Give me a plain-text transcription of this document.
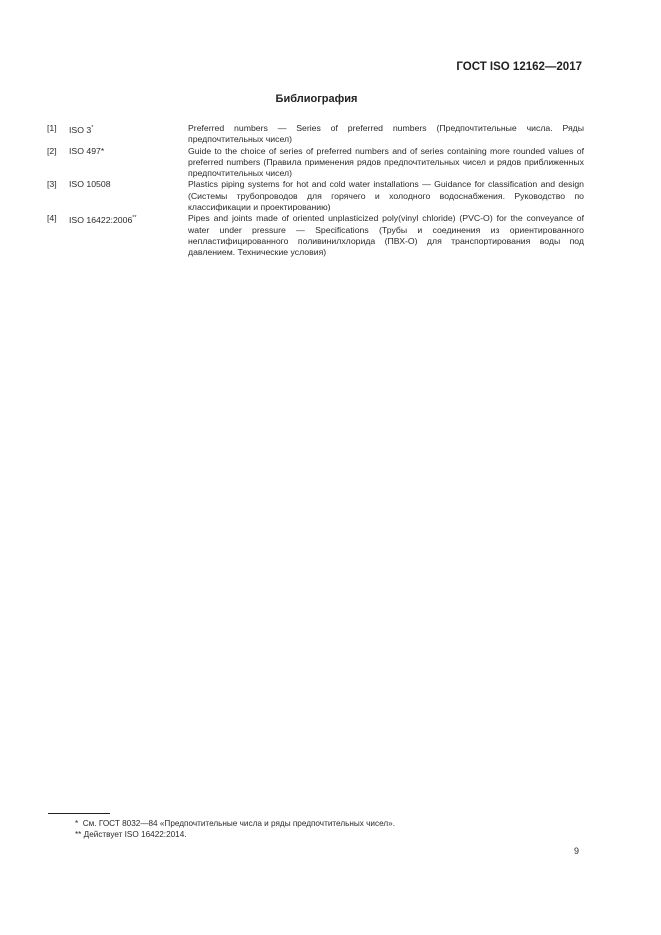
ГОСТ ISO 12162—2017
Библиография
[1]	ISO 3*	Preferred numbers — Series of preferred numbers (Предпочтительные числа. Ряды предпочтительных чисел)
[2]	ISO 497*	Guide to the choice of series of preferred numbers and of series containing more rounded values of preferred numbers (Правила применения рядов предпочтительных чисел и рядов приближенных предпочтительных чисел)
[3]	ISO 10508	Plastics piping systems for hot and cold water installations — Guidance for classification and design (Системы трубопроводов для горячего и холодного водоснабжения. Руководство по классификации и проектированию)
[4]	ISO 16422:2006**	Pipes and joints made of oriented unplasticized poly(vinyl chloride) (PVC-O) for the conveyance of water under pressure — Specifications (Трубы и соединения из ориентированного непластифицированного поливинилхлорида (ПВХ-О) для транспортирования воды под давлением. Технические условия)
* См. ГОСТ 8032—84 «Предпочтительные числа и ряды предпочтительных чисел».
** Действует ISO 16422:2014.
9
